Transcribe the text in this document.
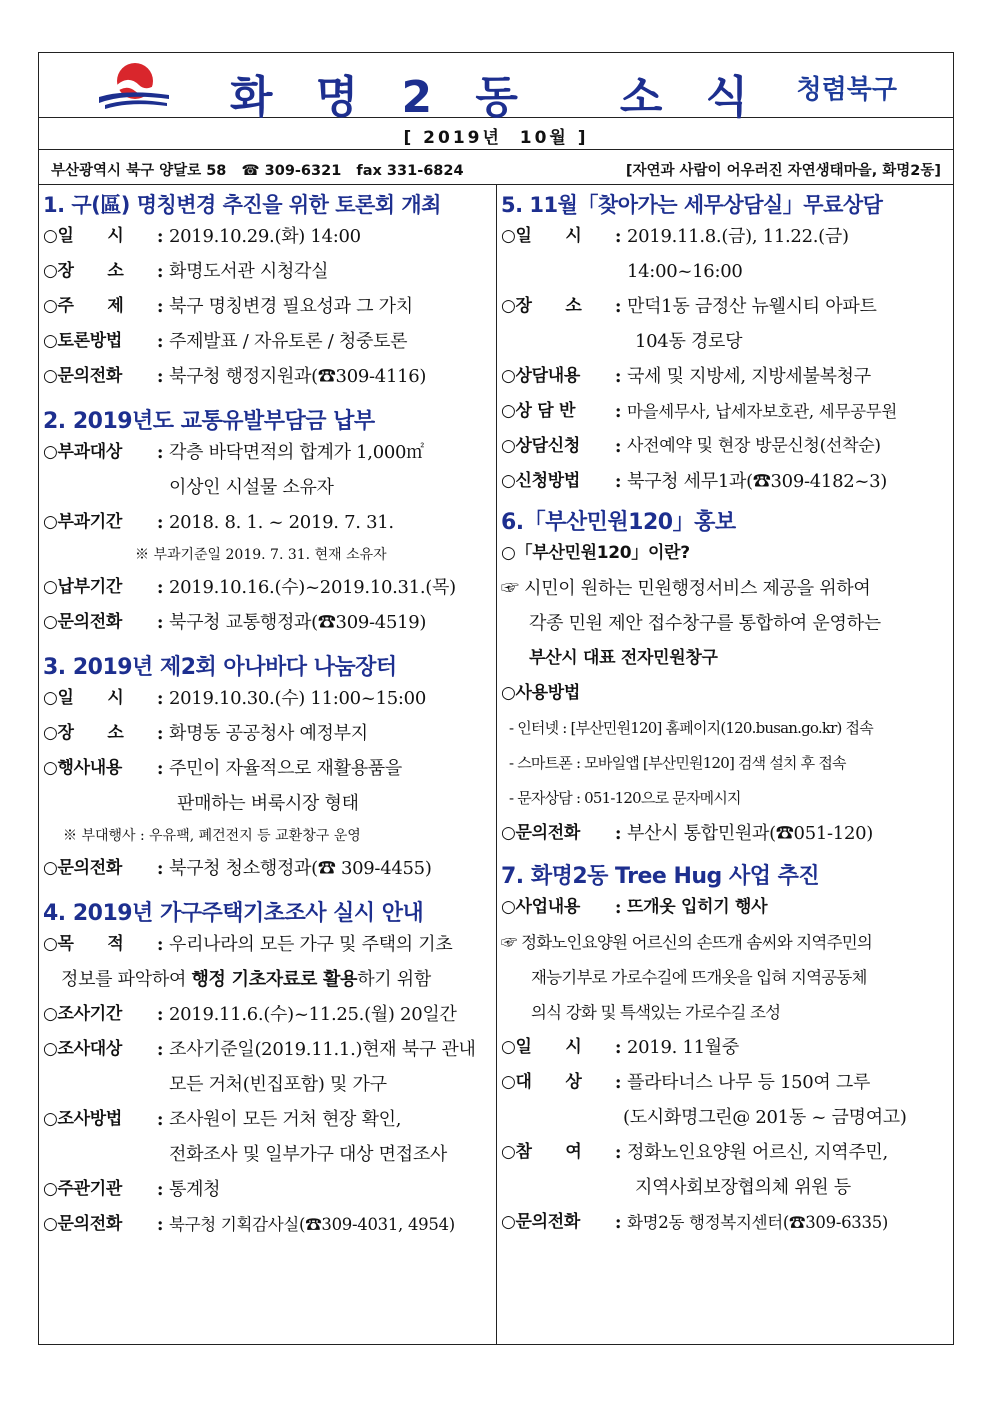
화 명 2 동   소 식	청렴북구
[ 2019년  10월 ]
부산광역시 북구 양달로 58   ☎ 309-6321   fax 331-6824	[자연과 사람이 어우러진 자연생태마을, 화명2동]
1. 구(區) 명칭변경 추진을 위한 토론회 개최
○일      시	: 2019.10.29.(화) 14:00
○장      소	: 화명도서관 시청각실
○주      제	: 북구 명칭변경 필요성과 그 가치
○토론방법	: 주제발표 / 자유토론 / 청중토론
○문의전화	: 북구청 행정지원과(☎309-4116)
2. 2019년도 교통유발부담금 납부
○부과대상	: 각층 바닥면적의 합계가 1,000㎡
이상인 시설물 소유자
○부과기간	: 2018. 8. 1. ~ 2019. 7. 31.
※ 부과기준일 2019. 7. 31. 현재 소유자
○납부기간	: 2019.10.16.(수)~2019.10.31.(목)
○문의전화	: 북구청 교통행정과(☎309-4519)
3. 2019년 제2회 아나바다 나눔장터
○일      시	: 2019.10.30.(수) 11:00~15:00
○장      소	: 화명동 공공청사 예정부지
○행사내용	: 주민이 자율적으로 재활용품을
판매하는 벼룩시장 형태
※ 부대행사 : 우유팩, 폐건전지 등 교환창구 운영
○문의전화	: 북구청 청소행정과(☎ 309-4455)
4. 2019년 가구주택기초조사 실시 안내
○목      적	: 우리나라의 모든 가구 및 주택의 기초
정보를 파악하여 행정 기초자료로 활용하기 위함
○조사기간	: 2019.11.6.(수)~11.25.(월) 20일간
○조사대상	: 조사기준일(2019.11.1.)현재 북구 관내
모든 거처(빈집포함) 및 가구
○조사방법	: 조사원이 모든 거처 현장 확인,
전화조사 및 일부가구 대상 면접조사
○주관기관	: 통계청
○문의전화	: 북구청 기획감사실(☎309-4031, 4954)
5. 11월「찾아가는 세무상담실」무료상담
○일      시	: 2019.11.8.(금), 11.22.(금)
14:00~16:00
○장      소	: 만덕1동 금정산 뉴웰시티 아파트
104동 경로당
○상담내용	: 국세 및 지방세, 지방세불복청구
○상 담 반	: 마을세무사, 납세자보호관, 세무공무원
○상담신청	: 사전예약 및 현장 방문신청(선착순)
○신청방법	: 북구청 세무1과(☎309-4182~3)
6.「부산민원120」홍보
○「부산민원120」이란?
☞ 시민이 원하는 민원행정서비스 제공을 위하여
각종 민원 제안 접수창구를 통합하여 운영하는
부산시 대표 전자민원창구
○사용방법
- 인터넷 : [부산민원120] 홈페이지(120.busan.go.kr) 접속
- 스마트폰 : 모바일앱 [부산민원120] 검색 설치 후 접속
- 문자상담 : 051-120으로 문자메시지
○문의전화	: 부산시 통합민원과(☎051-120)
7. 화명2동 Tree Hug 사업 추진
○사업내용	: 뜨개옷 입히기 행사
☞ 정화노인요양원 어르신의 손뜨개 솜씨와 지역주민의
재능기부로 가로수길에 뜨개옷을 입혀 지역공동체
의식 강화 및 특색있는 가로수길 조성
○일      시	: 2019. 11월중
○대      상	: 플라타너스 나무 등 150여 그루
(도시화명그린@ 201동 ~ 금명여고)
○참      여	: 정화노인요양원 어르신, 지역주민,
지역사회보장협의체 위원 등
○문의전화	: 화명2동 행정복지센터(☎309-6335)
